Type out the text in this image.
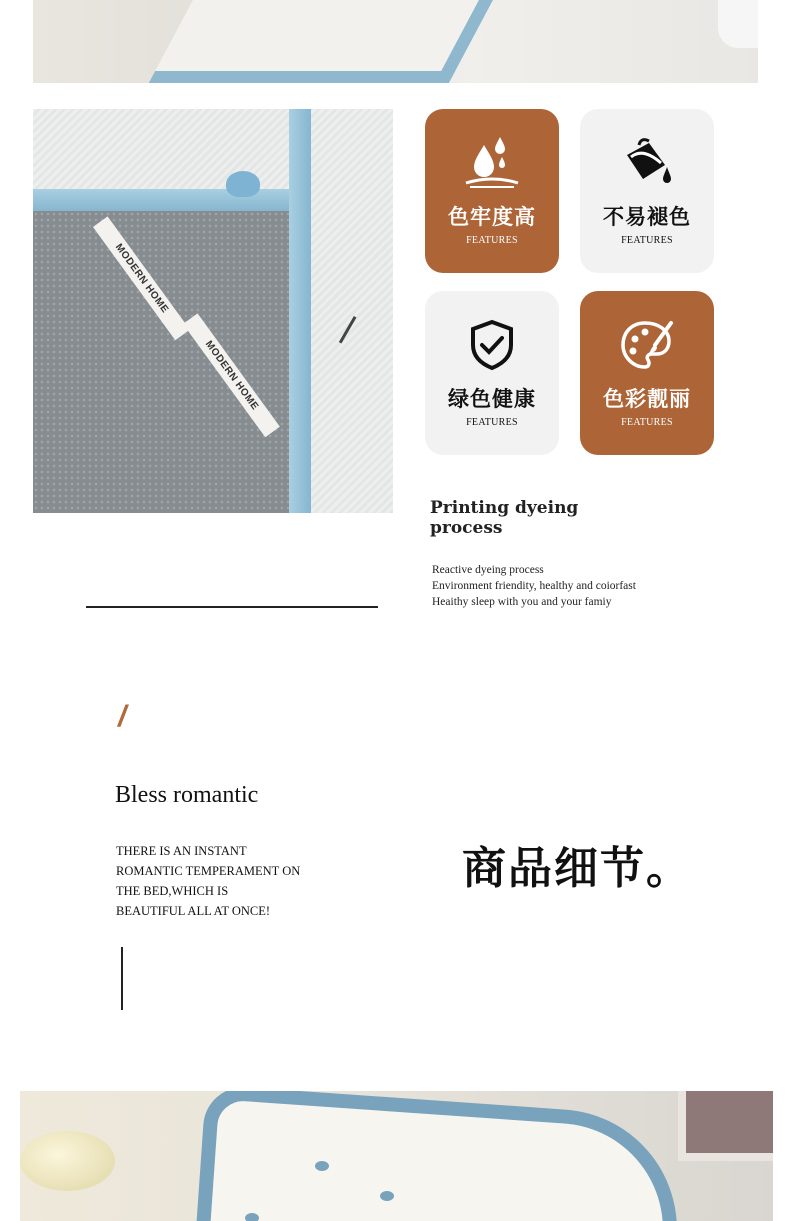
MODERN HOME
MODERN HOME
色牢度高
FEATURES
不易褪色
FEATURES
绿色健康
FEATURES
色彩靓丽
FEATURES
Printing dyeing process
Reactive dyeing process
Environment friendity, healthy and coiorfast
Heaithy sleep with you and your famiy
/
Bless romantic
THERE IS AN INSTANT
ROMANTIC TEMPERAMENT ON
THE BED,WHICH IS
BEAUTIFUL ALL AT ONCE!
商品细节。
